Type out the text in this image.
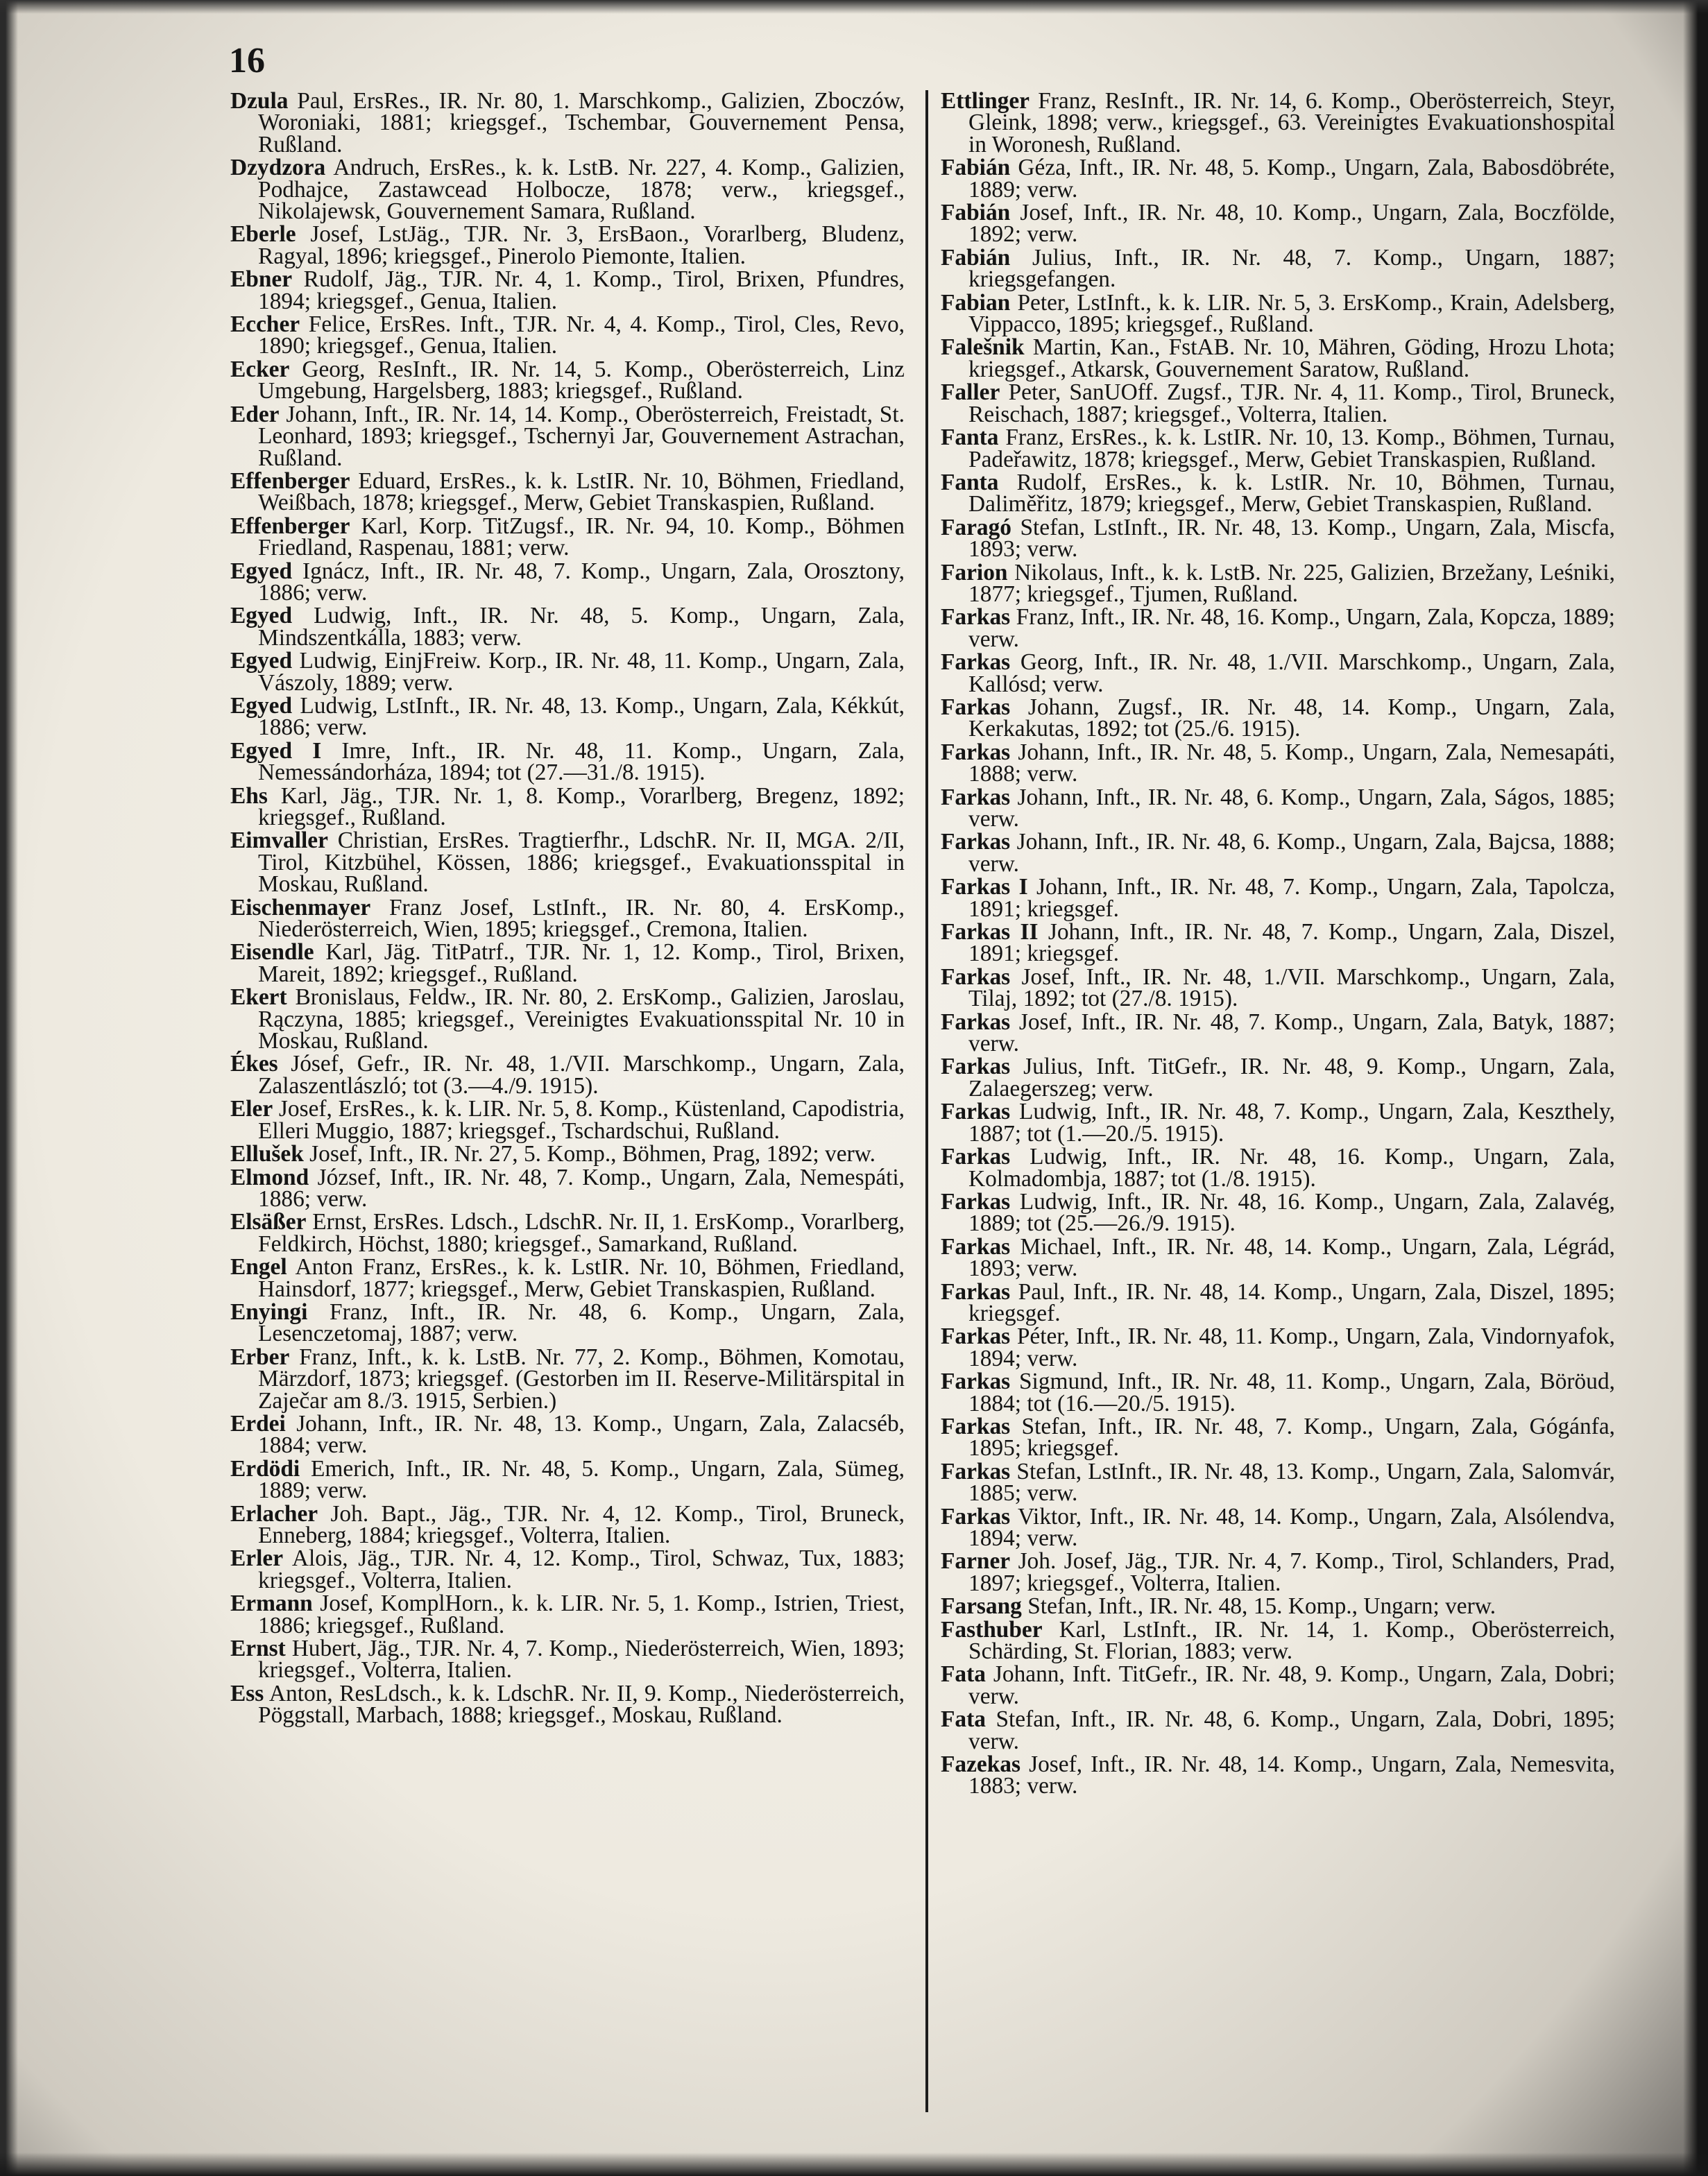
16
Dzula Paul, ErsRes., IR. Nr. 80, 1. Marschkomp., Galizien, Zboczów, Woroniaki, 1881; kriegsgef., Tschembar, Gouvernement Pensa, Rußland.
Dzydzora Andruch, ErsRes., k. k. LstB. Nr. 227, 4. Komp., Galizien, Podhajce, Zastawcead Holbocze, 1878; verw., kriegsgef., Nikolajewsk, Gouvernement Samara, Rußland.
Eberle Josef, LstJäg., TJR. Nr. 3, ErsBaon., Vorarlberg, Bludenz, Ragyal, 1896; kriegsgef., Pinerolo Piemonte, Italien.
Ebner Rudolf, Jäg., TJR. Nr. 4, 1. Komp., Tirol, Brixen, Pfundres, 1894; kriegsgef., Genua, Italien.
Eccher Felice, ErsRes. Inft., TJR. Nr. 4, 4. Komp., Tirol, Cles, Revo, 1890; kriegsgef., Genua, Italien.
Ecker Georg, ResInft., IR. Nr. 14, 5. Komp., Oberösterreich, Linz Umgebung, Hargelsberg, 1883; kriegsgef., Rußland.
Eder Johann, Inft., IR. Nr. 14, 14. Komp., Oberösterreich, Freistadt, St. Leonhard, 1893; kriegsgef., Tschernyi Jar, Gouvernement Astrachan, Rußland.
Effenberger Eduard, ErsRes., k. k. LstIR. Nr. 10, Böhmen, Friedland, Weißbach, 1878; kriegsgef., Merw, Gebiet Transkaspien, Rußland.
Effenberger Karl, Korp. TitZugsf., IR. Nr. 94, 10. Komp., Böhmen Friedland, Raspenau, 1881; verw.
Egyed Ignácz, Inft., IR. Nr. 48, 7. Komp., Ungarn, Zala, Orosztony, 1886; verw.
Egyed Ludwig, Inft., IR. Nr. 48, 5. Komp., Ungarn, Zala, Mindszentkálla, 1883; verw.
Egyed Ludwig, EinjFreiw. Korp., IR. Nr. 48, 11. Komp., Ungarn, Zala, Vászoly, 1889; verw.
Egyed Ludwig, LstInft., IR. Nr. 48, 13. Komp., Ungarn, Zala, Kékkút, 1886; verw.
Egyed I Imre, Inft., IR. Nr. 48, 11. Komp., Ungarn, Zala, Nemessándorháza, 1894; tot (27.—31./8. 1915).
Ehs Karl, Jäg., TJR. Nr. 1, 8. Komp., Vorarlberg, Bregenz, 1892; kriegsgef., Rußland.
Eimvaller Christian, ErsRes. Tragtierfhr., LdschR. Nr. II, MGA. 2/II, Tirol, Kitzbühel, Kössen, 1886; kriegsgef., Evakuationsspital in Moskau, Rußland.
Eischenmayer Franz Josef, LstInft., IR. Nr. 80, 4. ErsKomp., Niederösterreich, Wien, 1895; kriegsgef., Cremona, Italien.
Eisendle Karl, Jäg. TitPatrf., TJR. Nr. 1, 12. Komp., Tirol, Brixen, Mareit, 1892; kriegsgef., Rußland.
Ekert Bronislaus, Feldw., IR. Nr. 80, 2. ErsKomp., Galizien, Jaroslau, Rączyna, 1885; kriegsgef., Vereinigtes Evakuationsspital Nr. 10 in Moskau, Rußland.
Ékes Jósef, Gefr., IR. Nr. 48, 1./VII. Marschkomp., Ungarn, Zala, Zalaszentlászló; tot (3.—4./9. 1915).
Eler Josef, ErsRes., k. k. LIR. Nr. 5, 8. Komp., Küstenland, Capodistria, Elleri Muggio, 1887; kriegsgef., Tschardschui, Rußland.
Ellušek Josef, Inft., IR. Nr. 27, 5. Komp., Böhmen, Prag, 1892; verw.
Elmond József, Inft., IR. Nr. 48, 7. Komp., Ungarn, Zala, Nemespáti, 1886; verw.
Elsäßer Ernst, ErsRes. Ldsch., LdschR. Nr. II, 1. ErsKomp., Vorarlberg, Feldkirch, Höchst, 1880; kriegsgef., Samarkand, Rußland.
Engel Anton Franz, ErsRes., k. k. LstIR. Nr. 10, Böhmen, Friedland, Hainsdorf, 1877; kriegsgef., Merw, Gebiet Transkaspien, Rußland.
Enyingi Franz, Inft., IR. Nr. 48, 6. Komp., Ungarn, Zala, Lesenczetomaj, 1887; verw.
Erber Franz, Inft., k. k. LstB. Nr. 77, 2. Komp., Böhmen, Komotau, Märzdorf, 1873; kriegsgef. (Gestorben im II. Reserve-Militärspital in Zaječar am 8./3. 1915, Serbien.)
Erdei Johann, Inft., IR. Nr. 48, 13. Komp., Ungarn, Zala, Zalacséb, 1884; verw.
Erdödi Emerich, Inft., IR. Nr. 48, 5. Komp., Ungarn, Zala, Sümeg, 1889; verw.
Erlacher Joh. Bapt., Jäg., TJR. Nr. 4, 12. Komp., Tirol, Bruneck, Enneberg, 1884; kriegsgef., Volterra, Italien.
Erler Alois, Jäg., TJR. Nr. 4, 12. Komp., Tirol, Schwaz, Tux, 1883; kriegsgef., Volterra, Italien.
Ermann Josef, KomplHorn., k. k. LIR. Nr. 5, 1. Komp., Istrien, Triest, 1886; kriegsgef., Rußland.
Ernst Hubert, Jäg., TJR. Nr. 4, 7. Komp., Niederösterreich, Wien, 1893; kriegsgef., Volterra, Italien.
Ess Anton, ResLdsch., k. k. LdschR. Nr. II, 9. Komp., Niederösterreich, Pöggstall, Marbach, 1888; kriegsgef., Moskau, Rußland.
Ettlinger Franz, ResInft., IR. Nr. 14, 6. Komp., Oberösterreich, Steyr, Gleink, 1898; verw., kriegsgef., 63. Vereinigtes Evakuationshospital in Woronesh, Rußland.
Fabián Géza, Inft., IR. Nr. 48, 5. Komp., Ungarn, Zala, Babosdöbréte, 1889; verw.
Fabián Josef, Inft., IR. Nr. 48, 10. Komp., Ungarn, Zala, Boczfölde, 1892; verw.
Fabián Julius, Inft., IR. Nr. 48, 7. Komp., Ungarn, 1887; kriegsgefangen.
Fabian Peter, LstInft., k. k. LIR. Nr. 5, 3. ErsKomp., Krain, Adelsberg, Vippacco, 1895; kriegsgef., Rußland.
Falešnik Martin, Kan., FstAB. Nr. 10, Mähren, Göding, Hrozu Lhota; kriegsgef., Atkarsk, Gouvernement Saratow, Rußland.
Faller Peter, SanUOff. Zugsf., TJR. Nr. 4, 11. Komp., Tirol, Bruneck, Reischach, 1887; kriegsgef., Volterra, Italien.
Fanta Franz, ErsRes., k. k. LstIR. Nr. 10, 13. Komp., Böhmen, Turnau, Padeřawitz, 1878; kriegsgef., Merw, Gebiet Transkaspien, Rußland.
Fanta Rudolf, ErsRes., k. k. LstIR. Nr. 10, Böhmen, Turnau, Daliměřitz, 1879; kriegsgef., Merw, Gebiet Transkaspien, Rußland.
Faragó Stefan, LstInft., IR. Nr. 48, 13. Komp., Ungarn, Zala, Miscfa, 1893; verw.
Farion Nikolaus, Inft., k. k. LstB. Nr. 225, Galizien, Brzežany, Leśniki, 1877; kriegsgef., Tjumen, Rußland.
Farkas Franz, Inft., IR. Nr. 48, 16. Komp., Ungarn, Zala, Kopcza, 1889; verw.
Farkas Georg, Inft., IR. Nr. 48, 1./VII. Marschkomp., Ungarn, Zala, Kallósd; verw.
Farkas Johann, Zugsf., IR. Nr. 48, 14. Komp., Ungarn, Zala, Kerkakutas, 1892; tot (25./6. 1915).
Farkas Johann, Inft., IR. Nr. 48, 5. Komp., Ungarn, Zala, Nemesapáti, 1888; verw.
Farkas Johann, Inft., IR. Nr. 48, 6. Komp., Ungarn, Zala, Ságos, 1885; verw.
Farkas Johann, Inft., IR. Nr. 48, 6. Komp., Ungarn, Zala, Bajcsa, 1888; verw.
Farkas I Johann, Inft., IR. Nr. 48, 7. Komp., Ungarn, Zala, Tapolcza, 1891; kriegsgef.
Farkas II Johann, Inft., IR. Nr. 48, 7. Komp., Ungarn, Zala, Diszel, 1891; kriegsgef.
Farkas Josef, Inft., IR. Nr. 48, 1./VII. Marschkomp., Ungarn, Zala, Tilaj, 1892; tot (27./8. 1915).
Farkas Josef, Inft., IR. Nr. 48, 7. Komp., Ungarn, Zala, Batyk, 1887; verw.
Farkas Julius, Inft. TitGefr., IR. Nr. 48, 9. Komp., Ungarn, Zala, Zalaegerszeg; verw.
Farkas Ludwig, Inft., IR. Nr. 48, 7. Komp., Ungarn, Zala, Keszthely, 1887; tot (1.—20./5. 1915).
Farkas Ludwig, Inft., IR. Nr. 48, 16. Komp., Ungarn, Zala, Kolmadombja, 1887; tot (1./8. 1915).
Farkas Ludwig, Inft., IR. Nr. 48, 16. Komp., Ungarn, Zala, Zalavég, 1889; tot (25.—26./9. 1915).
Farkas Michael, Inft., IR. Nr. 48, 14. Komp., Ungarn, Zala, Légrád, 1893; verw.
Farkas Paul, Inft., IR. Nr. 48, 14. Komp., Ungarn, Zala, Diszel, 1895; kriegsgef.
Farkas Péter, Inft., IR. Nr. 48, 11. Komp., Ungarn, Zala, Vindornyafok, 1894; verw.
Farkas Sigmund, Inft., IR. Nr. 48, 11. Komp., Ungarn, Zala, Böröud, 1884; tot (16.—20./5. 1915).
Farkas Stefan, Inft., IR. Nr. 48, 7. Komp., Ungarn, Zala, Gógánfa, 1895; kriegsgef.
Farkas Stefan, LstInft., IR. Nr. 48, 13. Komp., Ungarn, Zala, Salomvár, 1885; verw.
Farkas Viktor, Inft., IR. Nr. 48, 14. Komp., Ungarn, Zala, Alsólendva, 1894; verw.
Farner Joh. Josef, Jäg., TJR. Nr. 4, 7. Komp., Tirol, Schlanders, Prad, 1897; kriegsgef., Volterra, Italien.
Farsang Stefan, Inft., IR. Nr. 48, 15. Komp., Ungarn; verw.
Fasthuber Karl, LstInft., IR. Nr. 14, 1. Komp., Oberösterreich, Schärding, St. Florian, 1883; verw.
Fata Johann, Inft. TitGefr., IR. Nr. 48, 9. Komp., Ungarn, Zala, Dobri; verw.
Fata Stefan, Inft., IR. Nr. 48, 6. Komp., Ungarn, Zala, Dobri, 1895; verw.
Fazekas Josef, Inft., IR. Nr. 48, 14. Komp., Ungarn, Zala, Nemesvita, 1883; verw.
